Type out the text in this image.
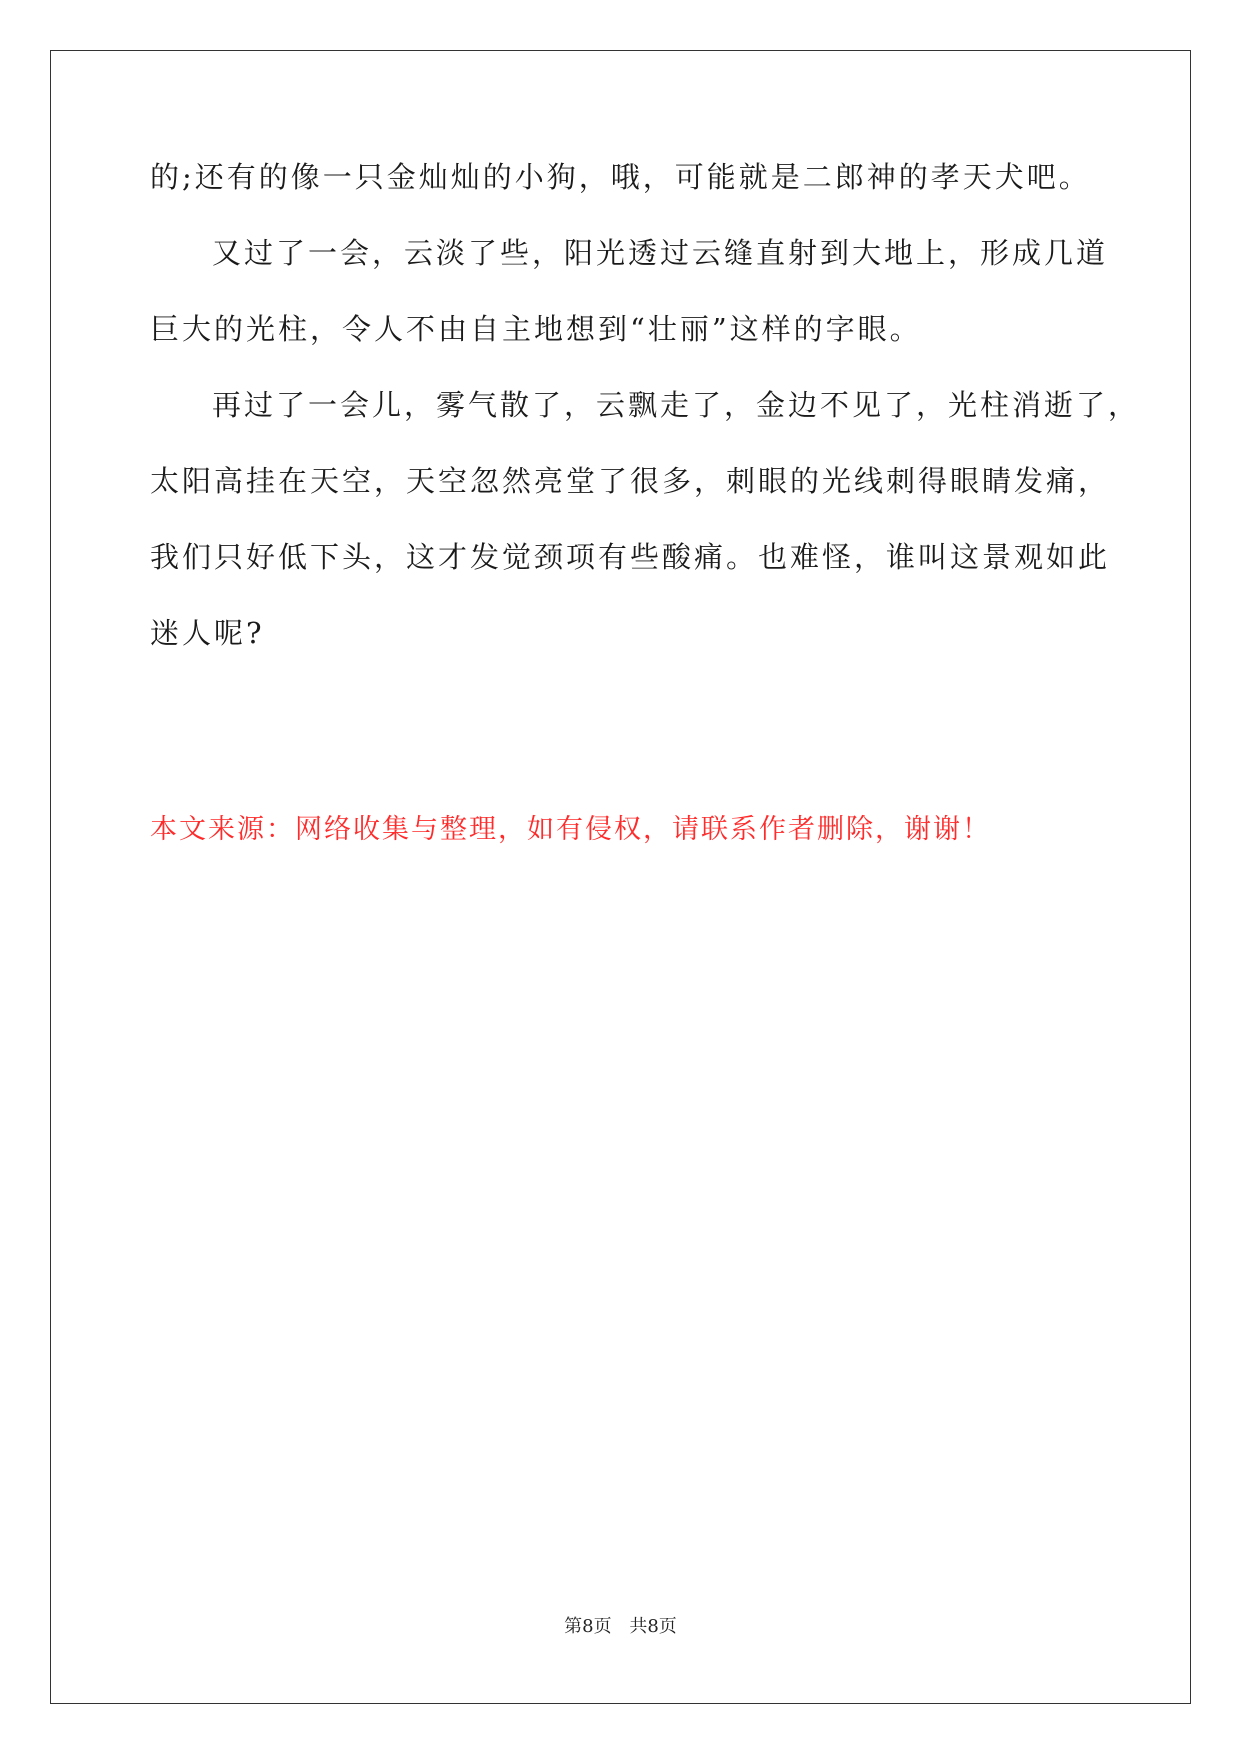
的;还有的像一只金灿灿的小狗，哦，可能就是二郎神的孝天犬吧。

又过了一会，云淡了些，阳光透过云缝直射到大地上，形成几道

巨大的光柱，令人不由自主地想到“壮丽”这样的字眼。

再过了一会儿，雾气散了，云飘走了，金边不见了，光柱消逝了，

太阳高挂在天空，天空忽然亮堂了很多，刺眼的光线刺得眼睛发痛，

我们只好低下头，这才发觉颈项有些酸痛。也难怪，谁叫这景观如此

迷人呢?

本文来源：网络收集与整理，如有侵权，请联系作者删除，谢谢！

第8页 共8页
